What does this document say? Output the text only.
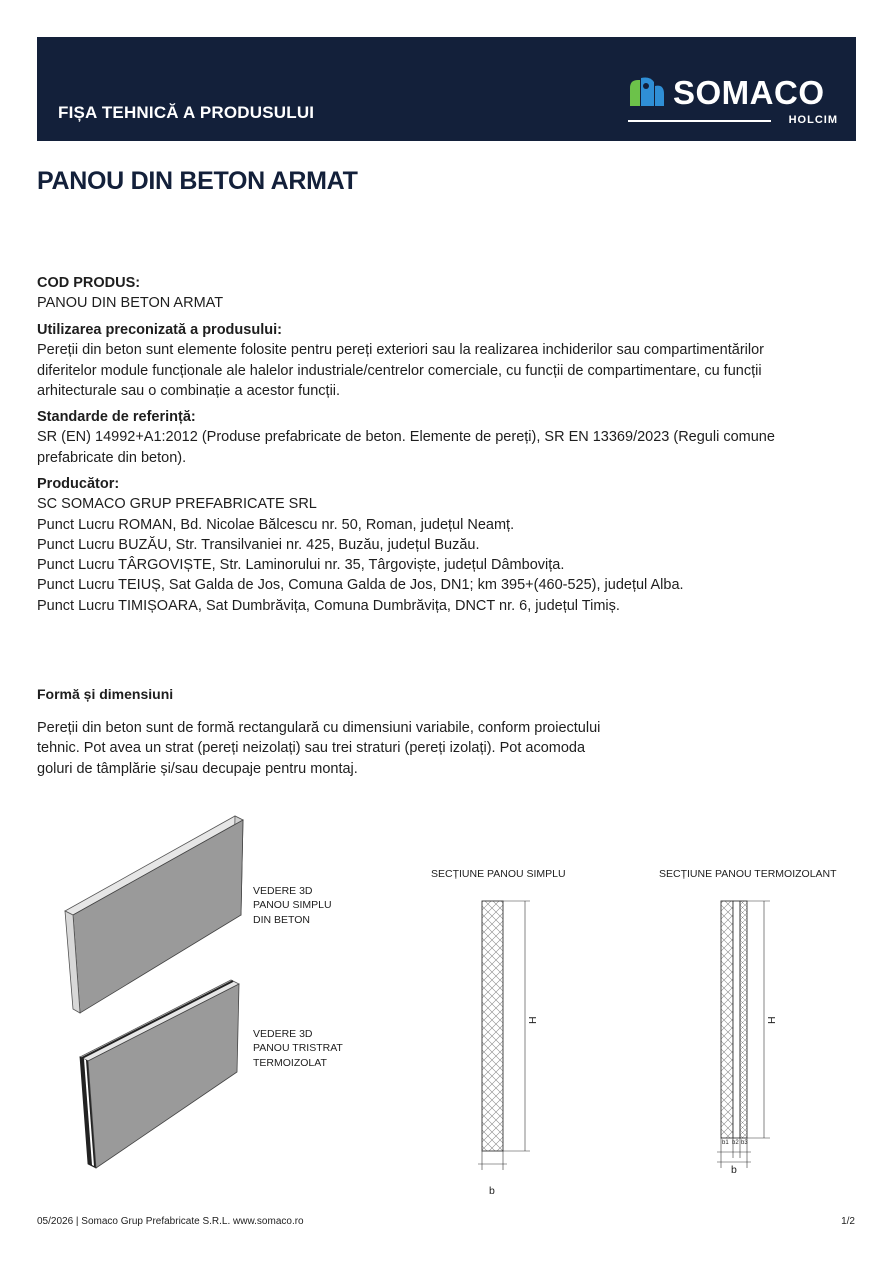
FIȘA TEHNICĂ A PRODUSULUI
SOMACO
HOLCIM
PANOU DIN BETON ARMAT
COD PRODUS:
PANOU DIN BETON ARMAT
Utilizarea preconizată a produsului:
Pereții din beton sunt elemente folosite pentru pereți exteriori sau la realizarea inchiderilor sau compartimentărilor diferitelor module funcționale ale halelor industriale/centrelor comerciale, cu funcții de compartimentare, cu funcții arhitecturale sau o combinație a acestor funcții.
Standarde de referință:
SR (EN) 14992+A1:2012 (Produse prefabricate de beton. Elemente de pereți), SR EN 13369/2023 (Reguli comune prefabricate din beton).
Producător:
SC SOMACO GRUP PREFABRICATE SRL
Punct Lucru ROMAN, Bd. Nicolae Bălcescu nr. 50, Roman, județul Neamț.
Punct Lucru BUZĂU, Str. Transilvaniei nr. 425, Buzău, județul Buzău.
Punct Lucru TÂRGOVIȘTE, Str. Laminorului nr. 35, Târgoviște, județul Dâmbovița.
Punct Lucru TEIUȘ, Sat Galda de Jos, Comuna Galda de Jos, DN1; km 395+(460-525), județul Alba.
Punct Lucru TIMIȘOARA, Sat Dumbrăvița, Comuna Dumbrăvița, DNCT nr. 6, județul Timiș.
Formă și dimensiuni
Pereții din beton sunt de formă rectangulară cu dimensiuni variabile, conform proiectului tehnic. Pot avea un strat (pereți neizolați) sau trei straturi (pereți izolați). Pot acomoda goluri de tâmplărie și/sau decupaje pentru montaj.
VEDERE 3D
PANOU SIMPLU
DIN BETON
VEDERE 3D
PANOU TRISTRAT
TERMOIZOLAT
SECȚIUNE PANOU SIMPLU	SECȚIUNE PANOU TERMOIZOLANT
H
b
H
b1 b2 b3
b
05/2026 | Somaco Grup Prefabricate S.R.L. www.somaco.ro	1/2
